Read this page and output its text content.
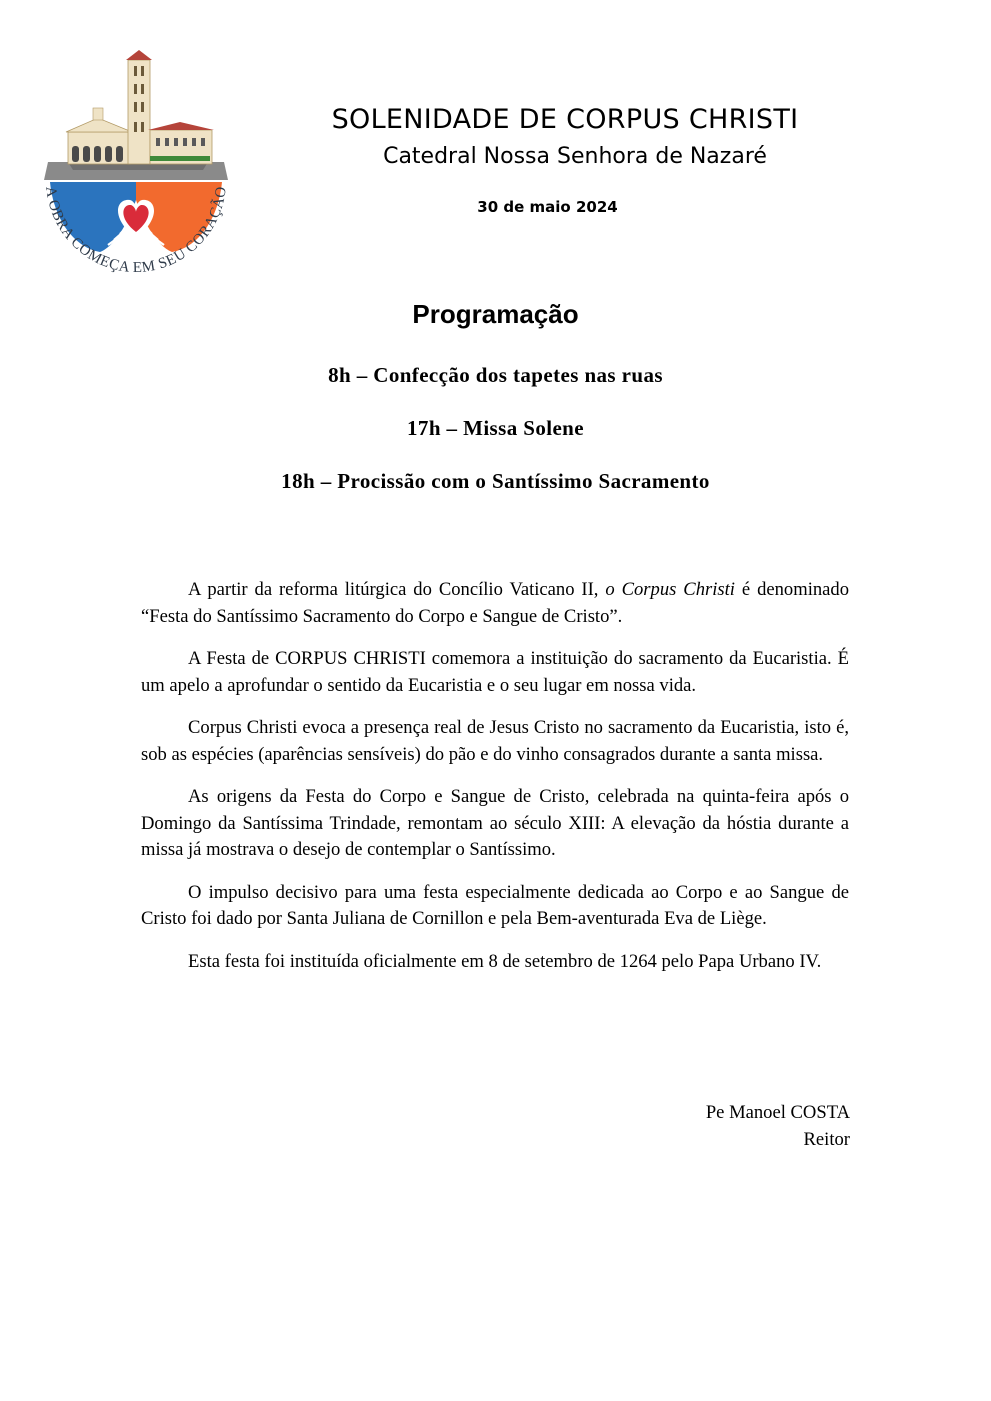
A OBRA COMEÇA EM SEU CORAÇÃO
SOLENIDADE DE CORPUS CHRISTI
Catedral Nossa Senhora de Nazaré
30 de maio 2024
Programação
8h – Confecção dos tapetes nas ruas
17h – Missa Solene
18h – Procissão com o Santíssimo Sacramento

A partir da reforma litúrgica do Concílio Vaticano II, o Corpus Christi é denominado “Festa do Santíssimo Sacramento do Corpo e Sangue de Cristo”.

A Festa de CORPUS CHRISTI comemora a instituição do sacramento da Eucaristia. É um apelo a aprofundar o sentido da Eucaristia e o seu lugar em nossa vida.

Corpus Christi evoca a presença real de Jesus Cristo no sacramento da Eucaristia, isto é, sob as espécies (aparências sensíveis) do pão e do vinho consagrados durante a santa missa.

As origens da Festa do Corpo e Sangue de Cristo, celebrada na quinta-feira após o Domingo da Santíssima Trindade, remontam ao século XIII: A elevação da hóstia durante a missa já mostrava o desejo de contemplar o Santíssimo.

O impulso decisivo para uma festa especialmente dedicada ao Corpo e ao Sangue de Cristo foi dado por Santa Juliana de Cornillon e pela Bem-aventurada Eva de Liège.

Esta festa foi instituída oficialmente em 8 de setembro de 1264 pelo Papa Urbano IV.

Pe Manoel COSTA
Reitor
